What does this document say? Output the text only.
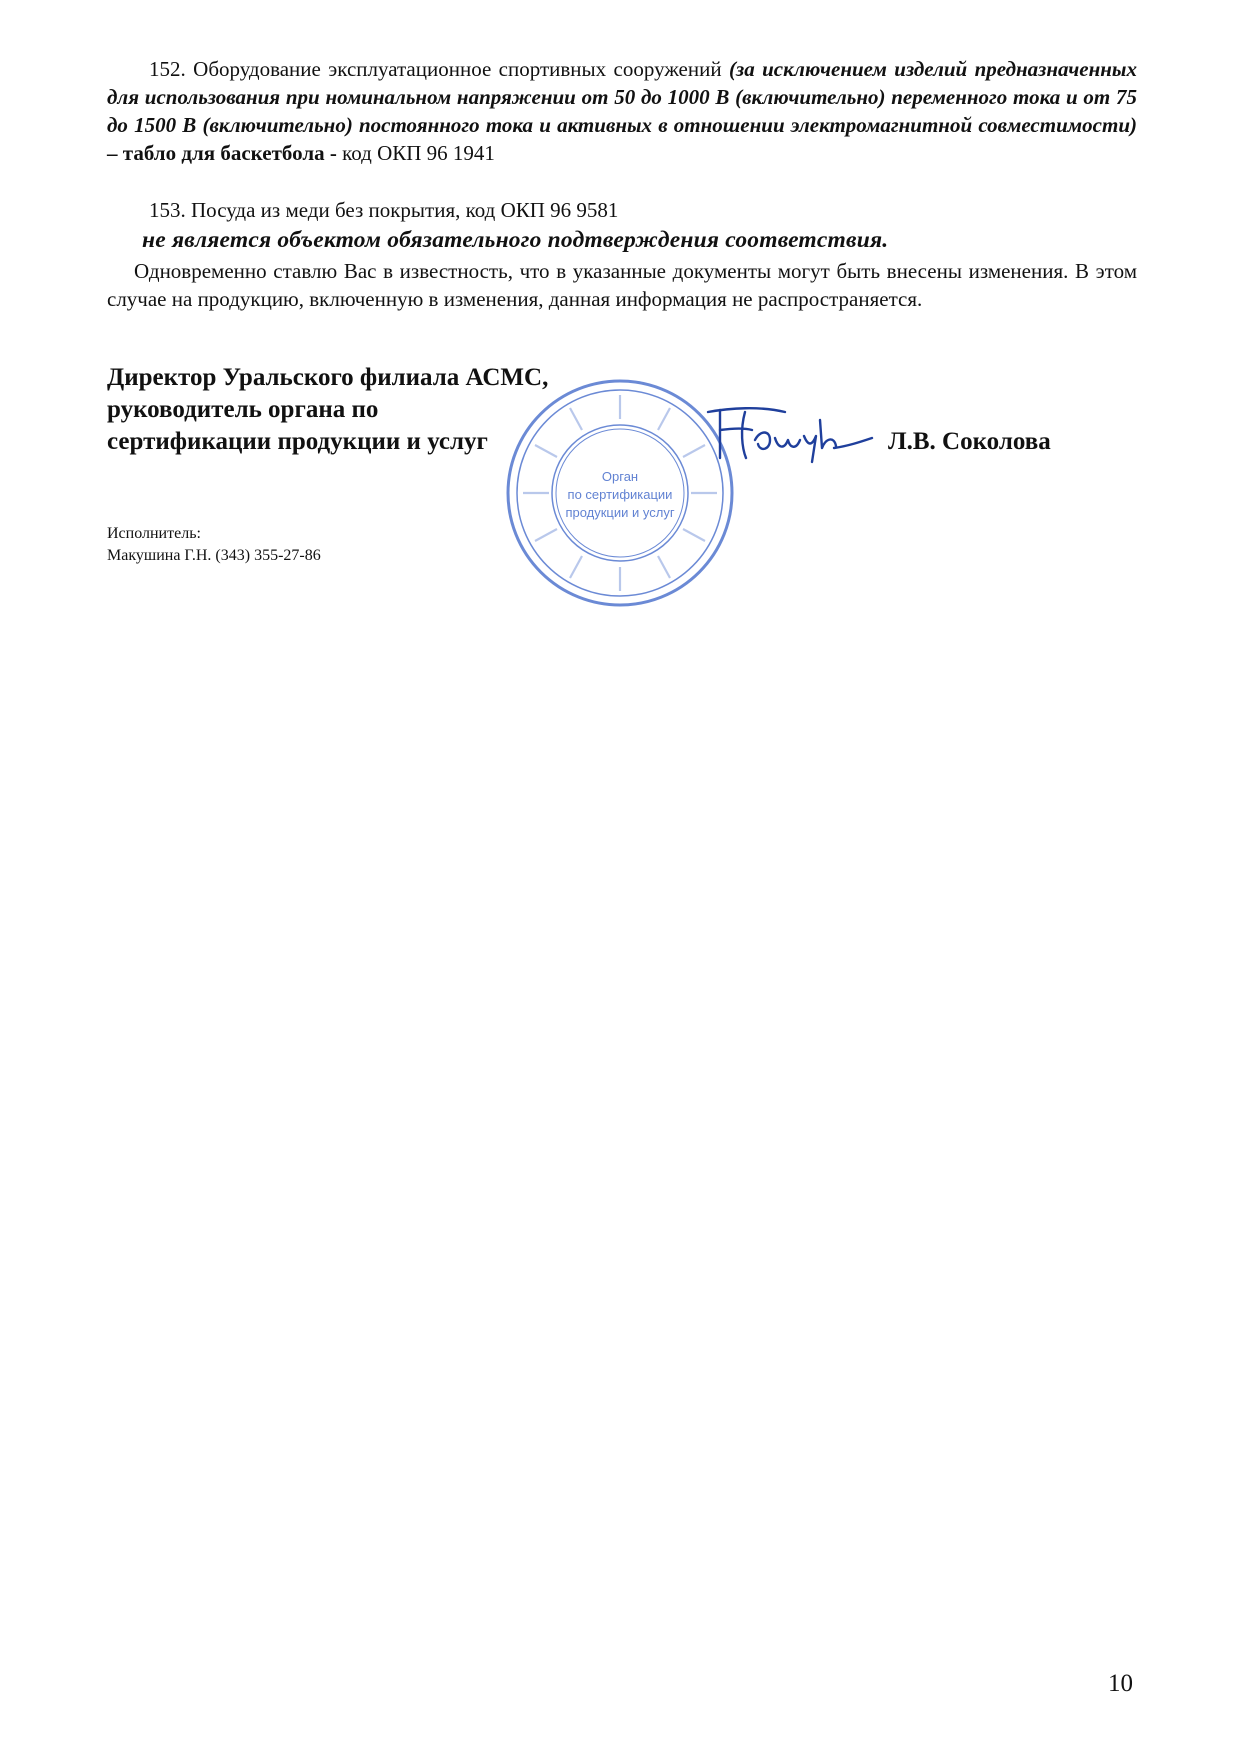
152. Оборудование эксплуатационное спортивных сооружений (за исключением изделий предназначенных для использования при номинальном напряжении от 50 до 1000 В (включительно) переменного тока и от 75 до 1500 В (включительно) постоянного тока и активных в отношении электромагнитной совместимости) – табло для баскетбола - код ОКП 96 1941
153. Посуда из меди без покрытия, код ОКП 96 9581
не является объектом обязательного подтверждения соответствия.
Одновременно ставлю Вас в известность, что в указанные документы могут быть внесены изменения. В этом случае на продукцию, включенную в изменения, данная информация не распространяется.
Орган
по сертификации
продукции и услуг
Директор Уральского филиала АСМС,
руководитель органа по
сертификации продукции и услуг	Л.В. Соколова
Исполнитель:
Макушина Г.Н. (343) 355-27-86
10
